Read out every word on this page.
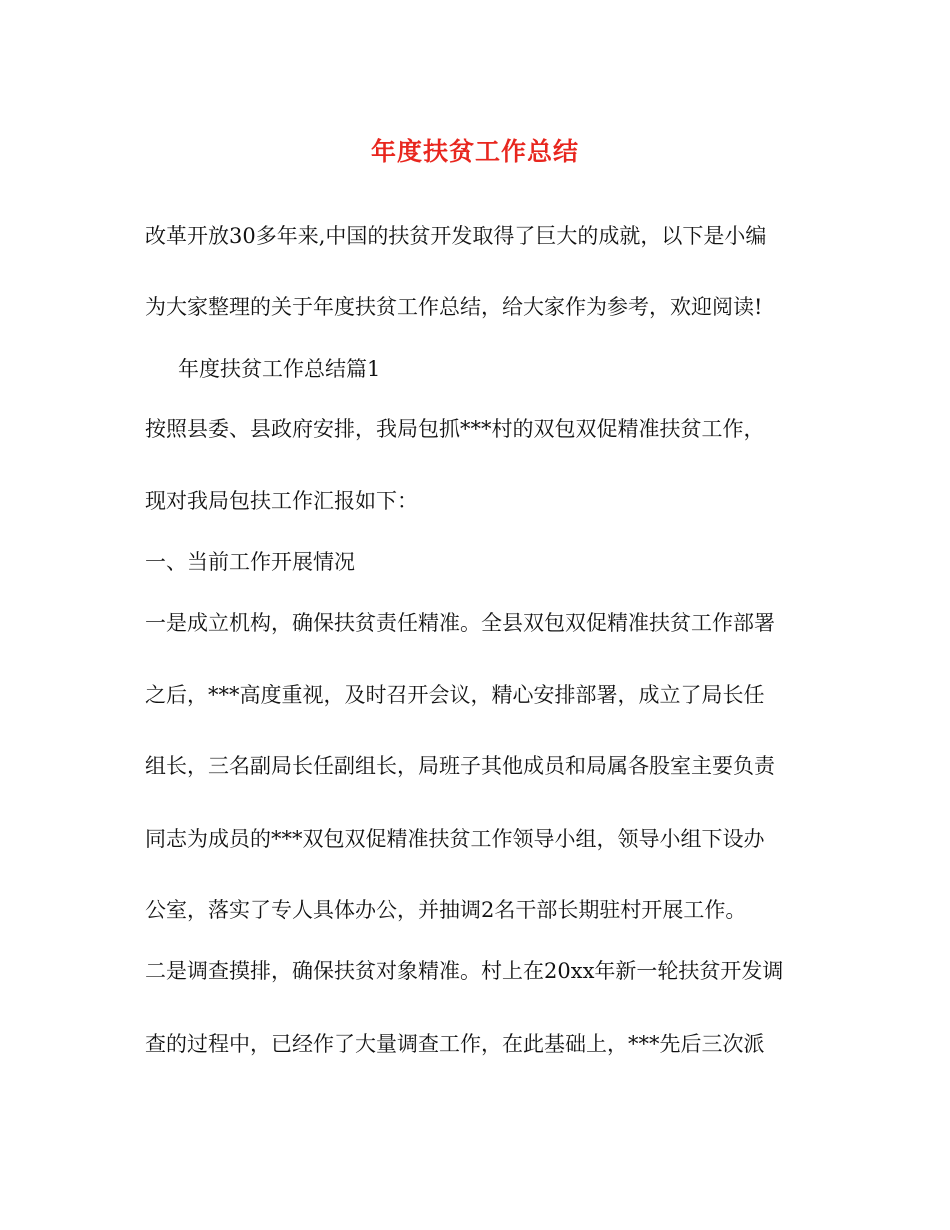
年度扶贫工作总结
改革开放30多年来,中国的扶贫开发取得了巨大的成就，以下是小编
为大家整理的关于年度扶贫工作总结，给大家作为参考，欢迎阅读!
年度扶贫工作总结篇1
按照县委、县政府安排，我局包抓***村的双包双促精准扶贫工作，
现对我局包扶工作汇报如下：
一、当前工作开展情况
一是成立机构，确保扶贫责任精准。全县双包双促精准扶贫工作部署
之后，***高度重视，及时召开会议，精心安排部署，成立了局长任
组长，三名副局长任副组长，局班子其他成员和局属各股室主要负责
同志为成员的***双包双促精准扶贫工作领导小组，领导小组下设办
公室，落实了专人具体办公，并抽调2名干部长期驻村开展工作。
二是调查摸排，确保扶贫对象精准。村上在20xx年新一轮扶贫开发调
查的过程中，已经作了大量调查工作，在此基础上，***先后三次派
